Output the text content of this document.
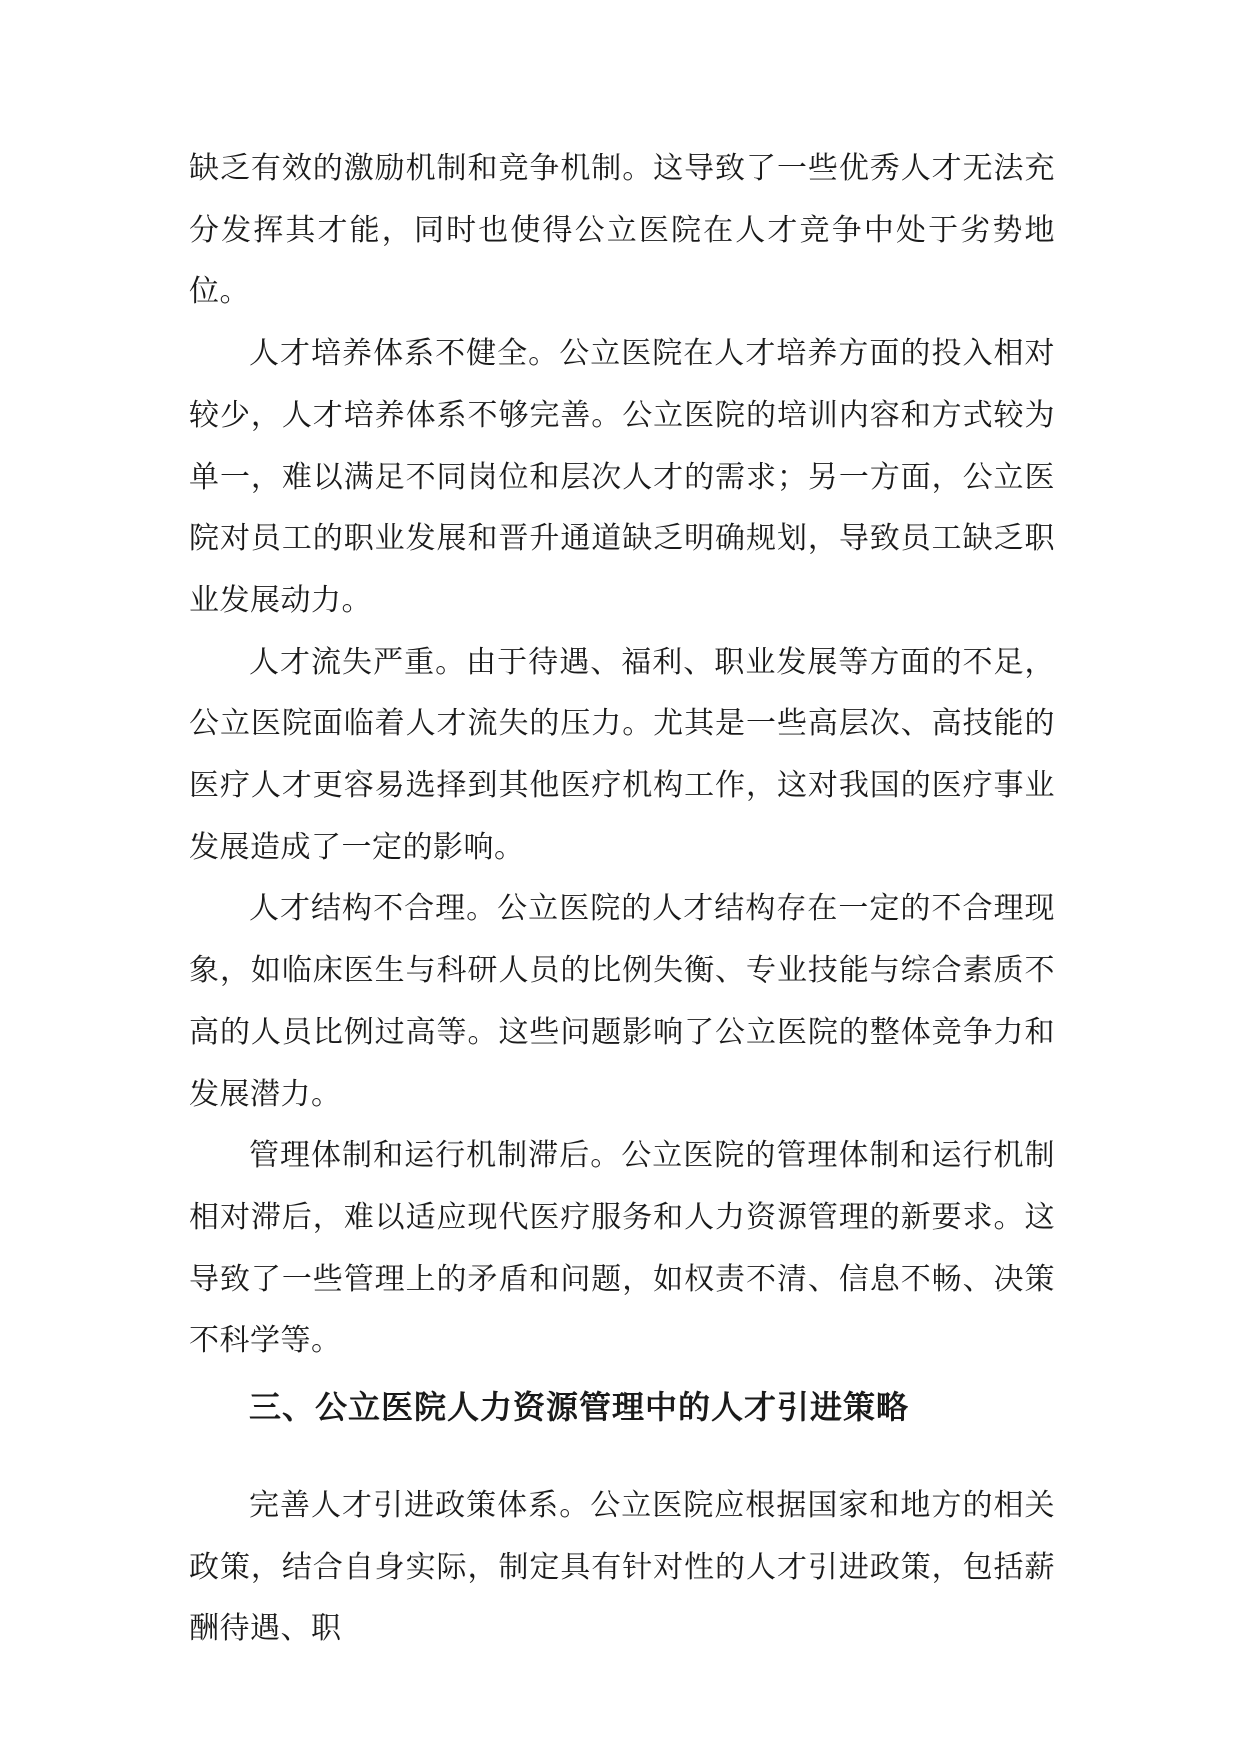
缺乏有效的激励机制和竞争机制。这导致了一些优秀人才无法充分发挥其才能，同时也使得公立医院在人才竞争中处于劣势地位。

人才培养体系不健全。公立医院在人才培养方面的投入相对较少，人才培养体系不够完善。公立医院的培训内容和方式较为单一，难以满足不同岗位和层次人才的需求；另一方面，公立医院对员工的职业发展和晋升通道缺乏明确规划，导致员工缺乏职业发展动力。

人才流失严重。由于待遇、福利、职业发展等方面的不足，公立医院面临着人才流失的压力。尤其是一些高层次、高技能的医疗人才更容易选择到其他医疗机构工作，这对我国的医疗事业发展造成了一定的影响。

人才结构不合理。公立医院的人才结构存在一定的不合理现象，如临床医生与科研人员的比例失衡、专业技能与综合素质不高的人员比例过高等。这些问题影响了公立医院的整体竞争力和发展潜力。

管理体制和运行机制滞后。公立医院的管理体制和运行机制相对滞后，难以适应现代医疗服务和人力资源管理的新要求。这导致了一些管理上的矛盾和问题，如权责不清、信息不畅、决策不科学等。

三、公立医院人力资源管理中的人才引进策略

完善人才引进政策体系。公立医院应根据国家和地方的相关政策，结合自身实际，制定具有针对性的人才引进政策，包括薪酬待遇、职
